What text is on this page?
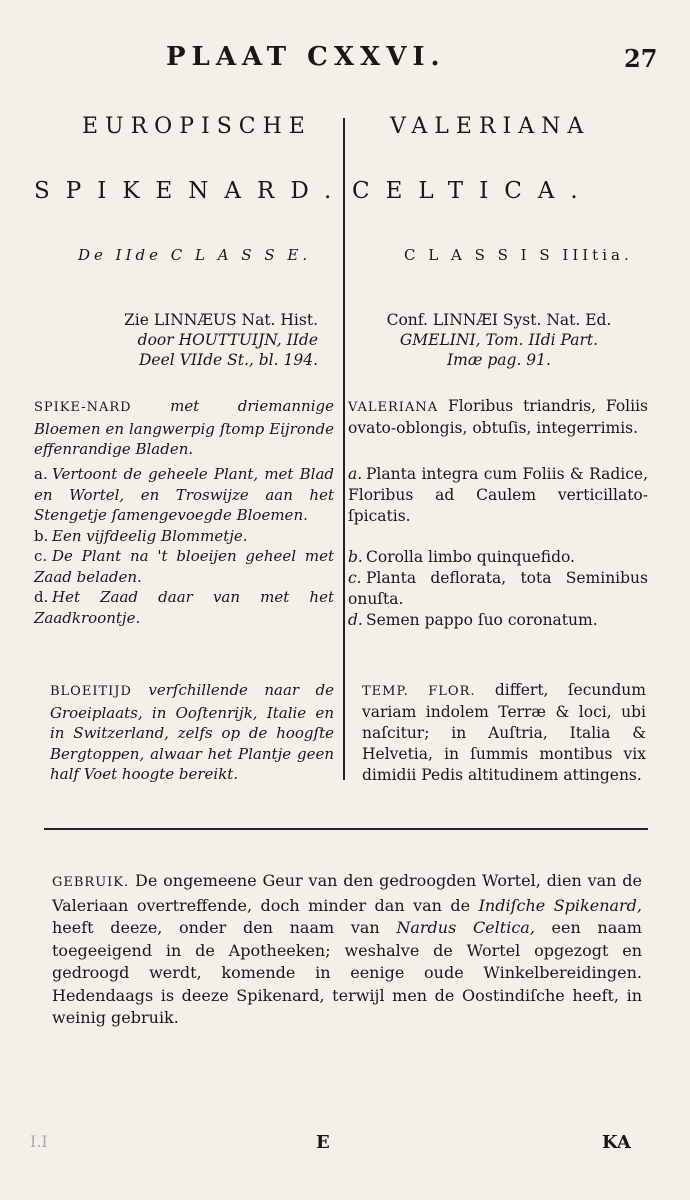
PLAAT CXXVI.	27
EUROPISCHE
SPIKENARD.
De IIde C L A S S E.
Zie LINNÆUS Nat. Hist.
door HOUTTUIJN, IIde
Deel VIIde St., bl. 194.
SPIKE-NARD	met driemannige Bloemen en langwerpig ſtomp Eijronde effenrandige Bladen.

a. Vertoont de geheele Plant, met Blad en Wortel, en Troswijze aan het Stengetje ſamengevoegde Bloemen.

b. Een vijfdeelig Blommetje.

c. De Plant na 't bloeijen geheel met Zaad beladen.

d. Het Zaad daar van met het Zaadkroontje.

BLOEITIJD verſchillende naar de Groeiplaats, in Ooſtenrijk, Italie en in Switzerland, zelfs op de hoogſte Bergtoppen, alwaar het Plantje geen half Voet hoogte bereikt.
VALERIANA
CELTICA.
C L A S S I S IIItia.
Conf. LINNÆI Syst. Nat. Ed.
GMELINI, Tom. IIdi Part.
Imæ pag. 91.
VALERIANA Floribus triandris, Foliis ovato-oblongis, obtuſis, integerrimis.

a. Planta integra cum Foliis & Radice, Floribus ad Caulem verticillato-ſpicatis.

b. Corolla limbo quinquefido.

c. Planta deflorata, tota Seminibus onuſta.

d. Semen pappo ſuo coronatum.

TEMP. FLOR. differt, ſecundum variam indolem Terræ & loci, ubi naſcitur; in Auſtria, Italia & Helvetia, in ſummis montibus vix dimidii Pedis altitudinem attingens.
GEBRUIK. De ongemeene Geur van den gedroogden Wortel, dien van de Valeriaan overtreffende, doch minder dan van de Indiſche Spikenard, heeft deeze, onder den naam van Nardus Celtica, een naam toegeeigend in de Apotheeken; weshalve de Wortel opgezogt en gedroogd werdt, komende in eenige oude Winkelbereidingen. Hedendaags is deeze Spikenard, terwijl men de Oostindiſche heeft, in weinig gebruik.
I.I	E	KA
